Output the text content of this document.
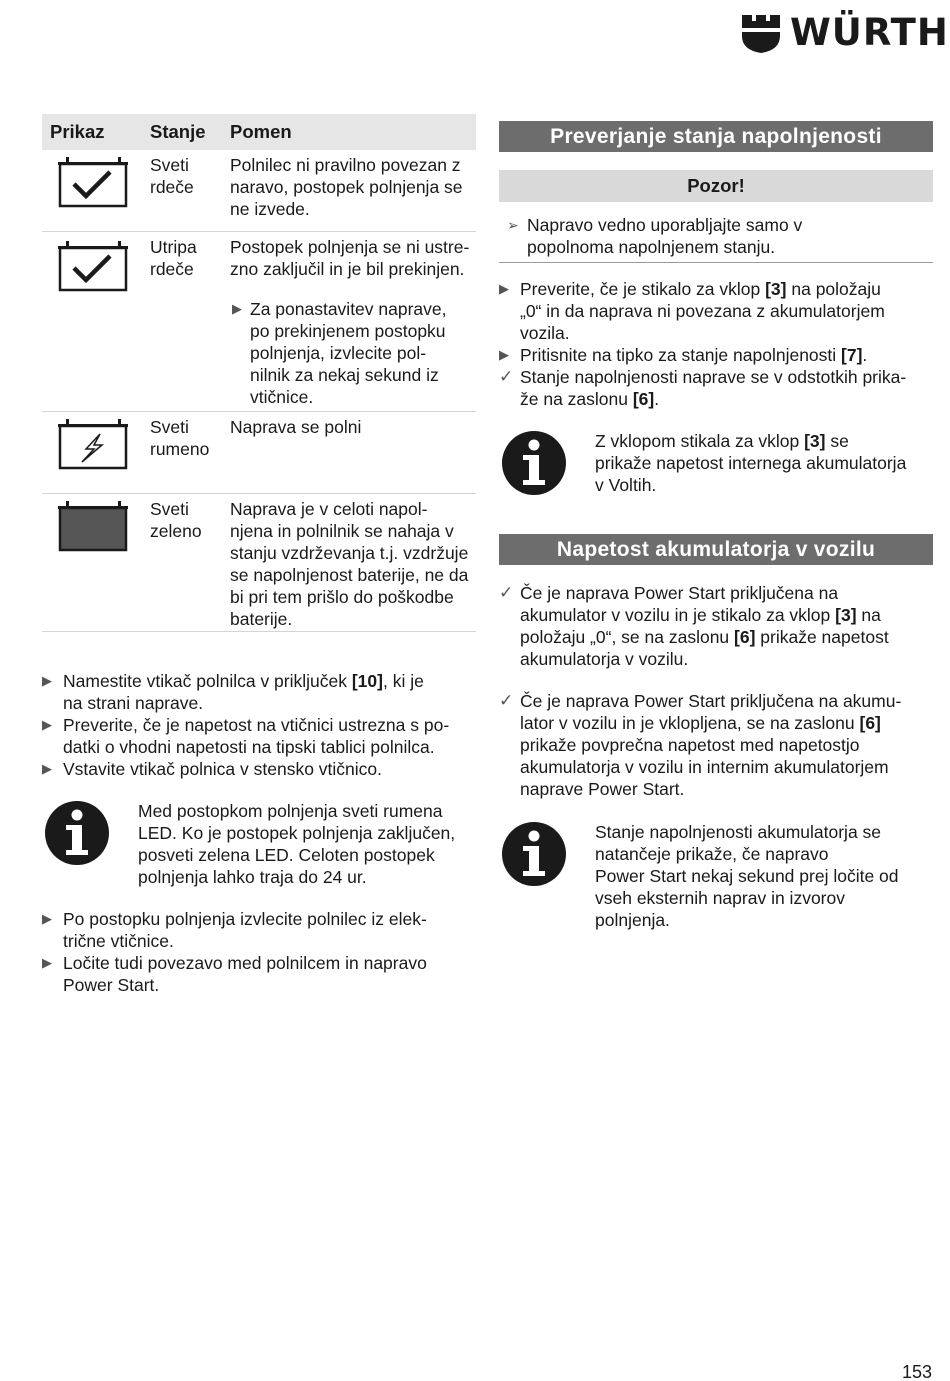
WÜRTH
Prikaz	Stanje	Pomen
Sveti
rdeče
Polnilec ni pravilno povezan z
naravo, postopek polnjenja se
ne izvede.
Utripa
rdeče
Postopek polnjenja se ni ustre-
zno zaključil in je bil prekinjen.
▶ Za ponastavitev naprave,
po prekinjenem postopku
polnjenja, izvlecite pol-
nilnik za nekaj sekund iz
vtičnice.
Sveti
rumeno
Naprava se polni
Sveti
zeleno
Naprava je v celoti napol-
njena in polnilnik se nahaja v
stanju vzdrževanja t.j. vzdržuje
se napolnjenost baterije, ne da
bi pri tem prišlo do poškodbe
baterije.
▶ Namestite vtikač polnilca v priključek [10], ki je
na strani naprave.
▶ Preverite, če je napetost na vtičnici ustrezna s po-
datki o vhodni napetosti na tipski tablici polnilca.
▶ Vstavite vtikač polnica v stensko vtičnico.
Med postopkom polnjenja sveti rumena
LED. Ko je postopek polnjenja zaključen,
posveti zelena LED. Celoten postopek
polnjenja lahko traja do 24 ur.
▶ Po postopku polnjenja izvlecite polnilec iz elek-
trične vtičnice.
▶ Ločite tudi povezavo med polnilcem in napravo
Power Start.
Preverjanje stanja napolnjenosti
Pozor!
➢ Napravo vedno uporabljajte samo v
popolnoma napolnjenem stanju.
▶ Preverite, če je stikalo za vklop [3] na položaju
„0“ in da naprava ni povezana z akumulatorjem
vozila.
▶ Pritisnite na tipko za stanje napolnjenosti [7].
✓ Stanje napolnjenosti naprave se v odstotkih prika-
že na zaslonu [6].
Z vklopom stikala za vklop [3] se
prikaže napetost internega akumulatorja
v Voltih.
Napetost akumulatorja v vozilu
✓ Če je naprava Power Start priključena na
akumulator v vozilu in je stikalo za vklop [3] na
položaju „0“, se na zaslonu [6] prikaže napetost
akumulatorja v vozilu.
✓ Če je naprava Power Start priključena na akumu-
lator v vozilu in je vklopljena, se na zaslonu [6]
prikaže povprečna napetost med napetostjo
akumulatorja v vozilu in internim akumulatorjem
naprave Power Start.
Stanje napolnjenosti akumulatorja se
natančeje prikaže, če napravo
Power Start nekaj sekund prej ločite od
vseh eksternih naprav in izvorov
polnjenja.
153
